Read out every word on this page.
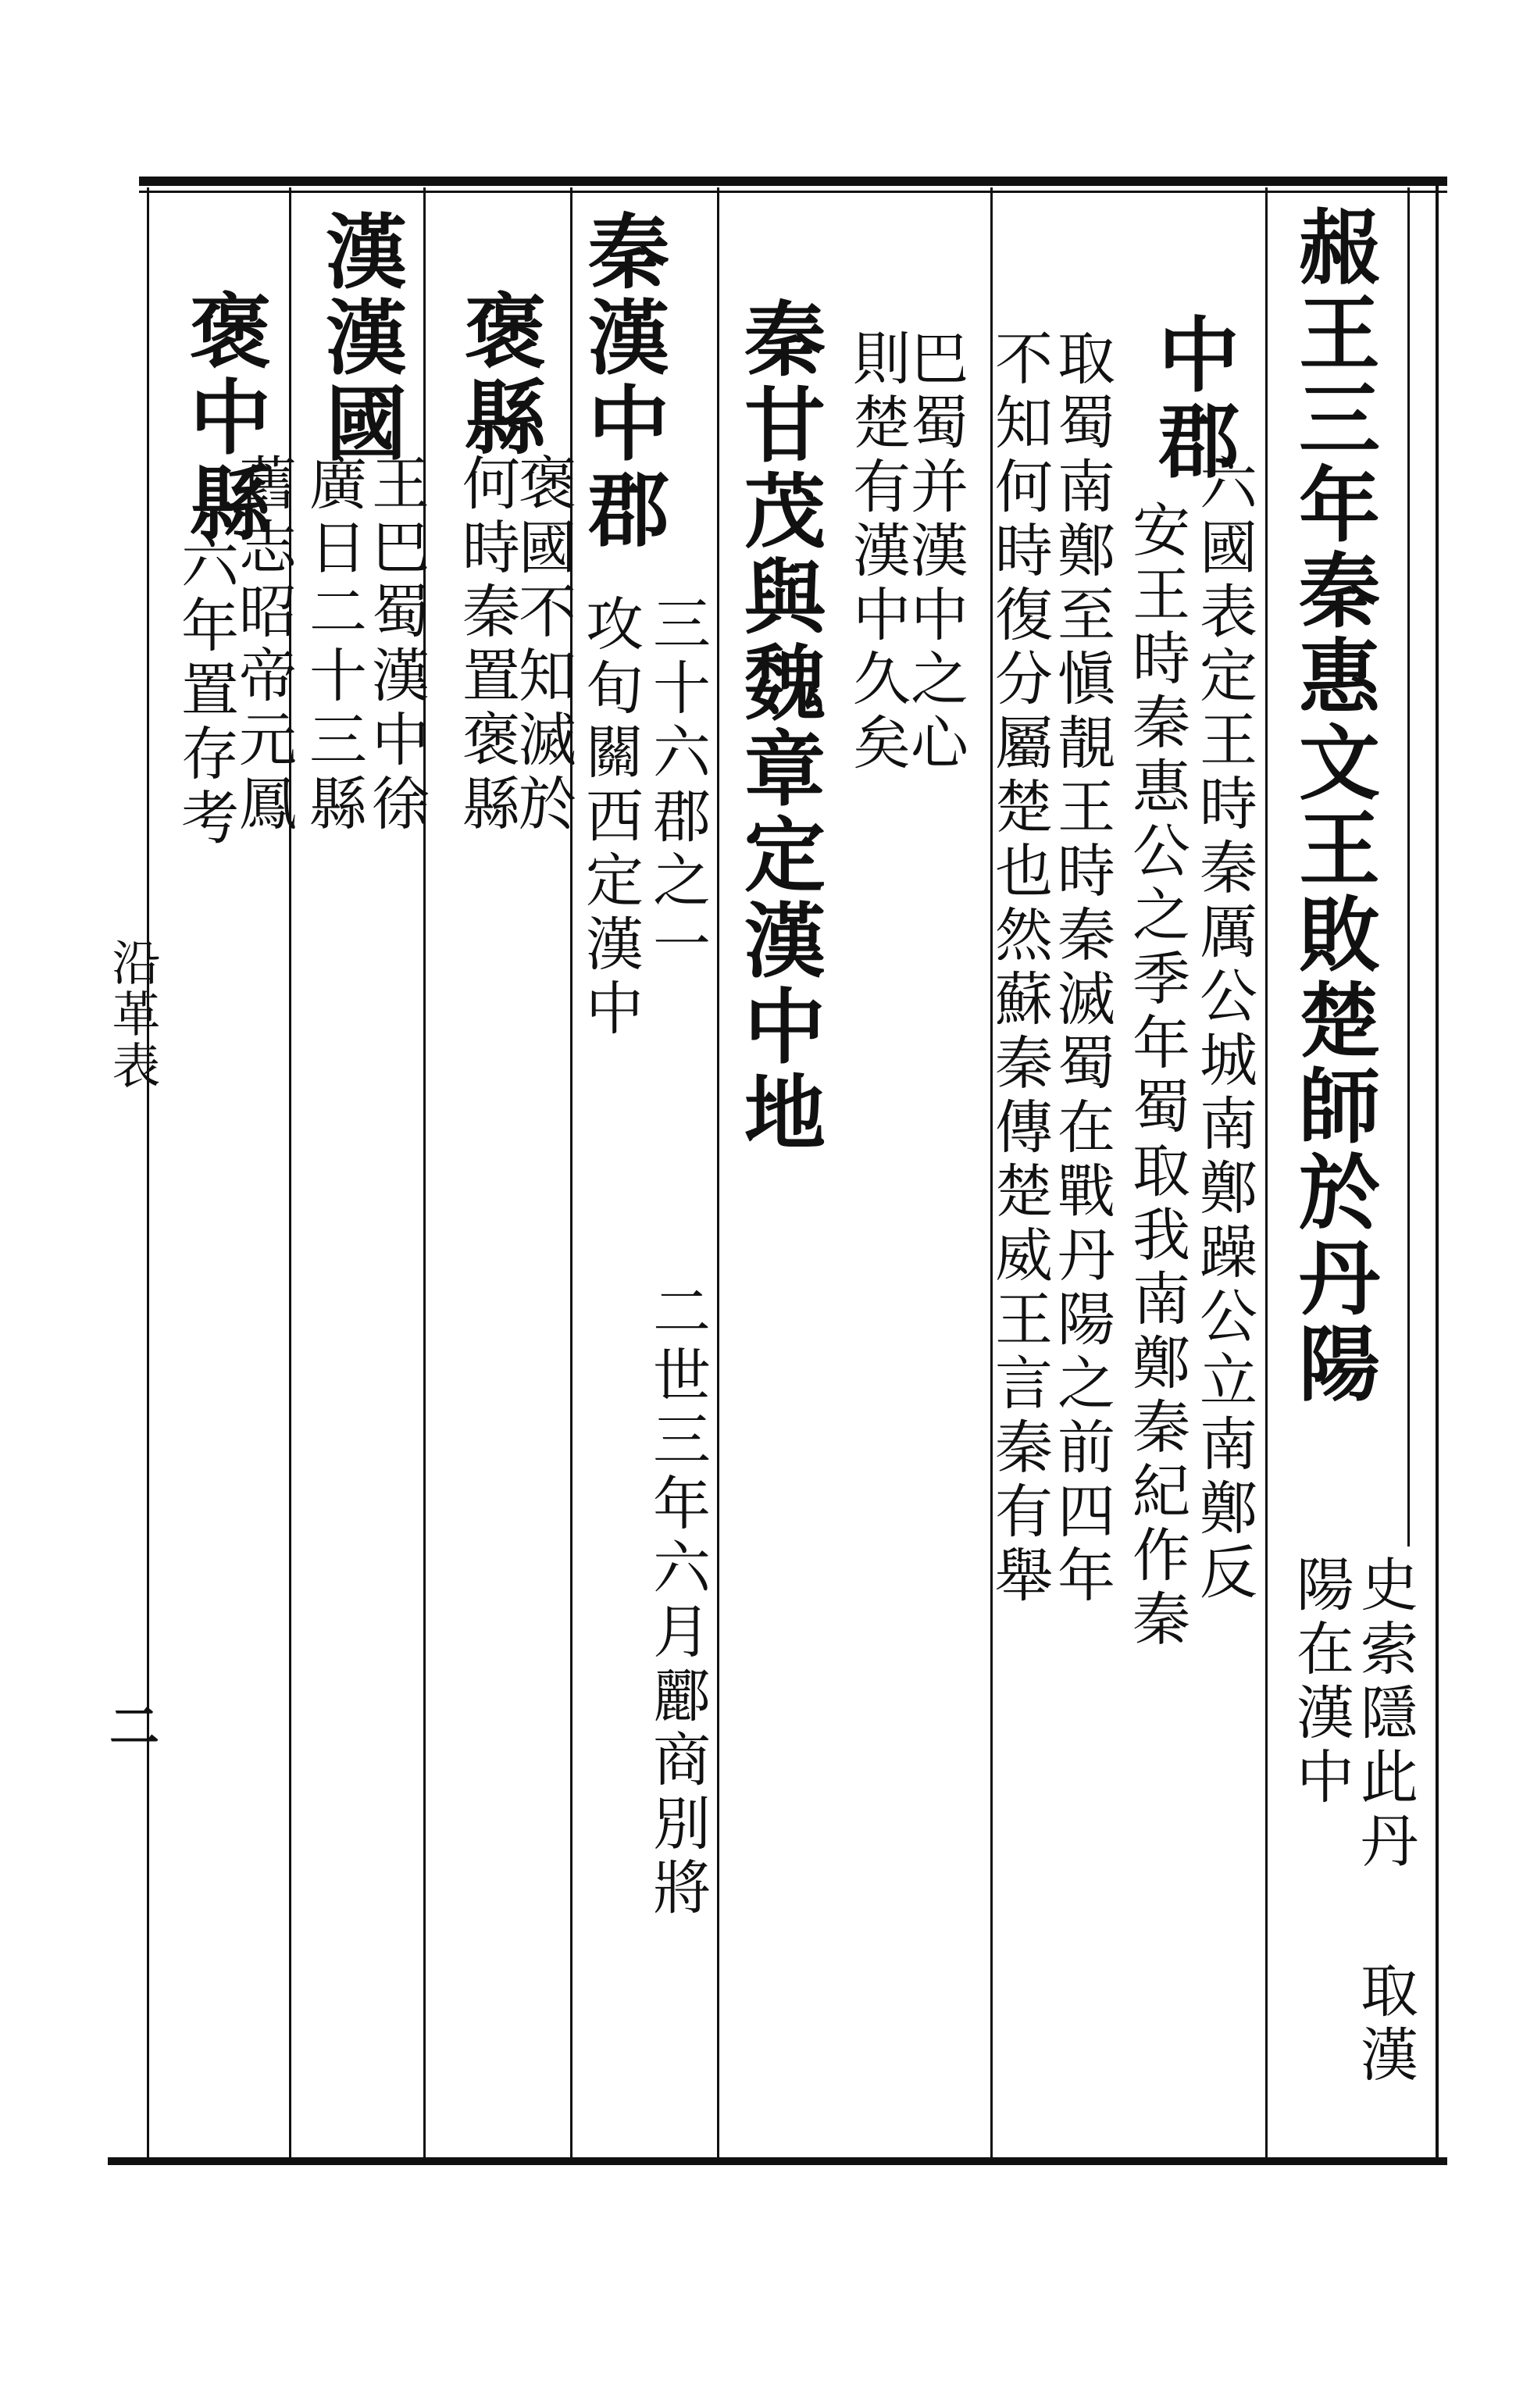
赧王三年秦惠文王敗楚師於丹陽
史索隱此丹
陽在漢中
取漢
中郡
六國表定王時秦厲公城南鄭躁公立南鄭反
安王時秦惠公之季年蜀取我南鄭秦紀作秦
取蜀南鄭至愼靚王時秦滅蜀在戰丹陽之前四年
不知何時復分屬楚也然蘇秦傳楚威王言秦有舉
巴蜀并漢中之心
則楚有漢中久矣
秦甘茂與魏章定漢中地
三十六郡之一
二世三年六月酈商別將
秦漢中郡
攻旬關西定漢中
褒縣
何時秦置褒縣
褒國不知滅於
漢漢國
王巴蜀漢中徐
廣日二十三縣
褒中縣
六年置存考
舊志昭帝元鳳
沿革表
二
